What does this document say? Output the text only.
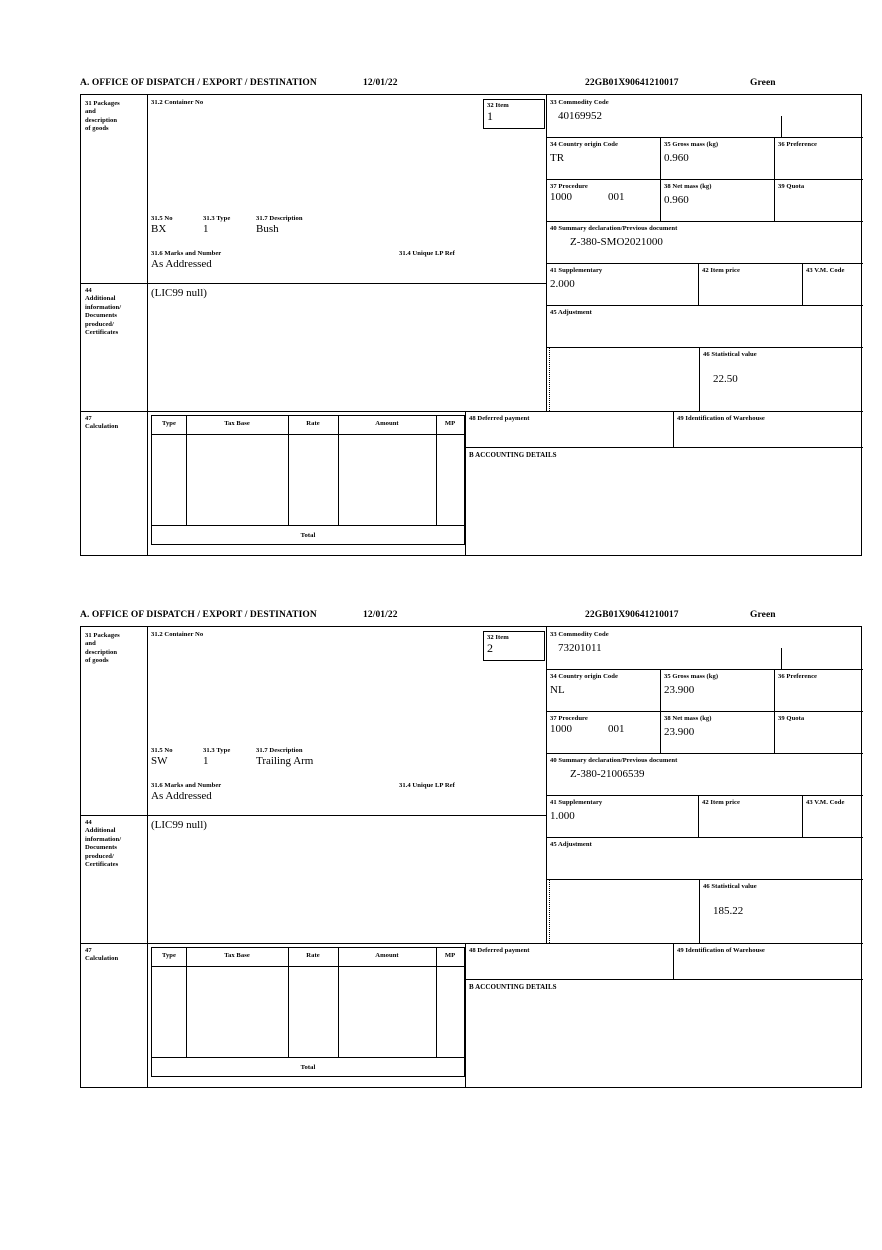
A. OFFICE OF DISPATCH / EXPORT / DESTINATION	12/01/22	22GB01X90641210017	Green
31 Packages
and
description
of goods
31.2 Container No	32 Item
1
31.5 No
BX
31.3 Type
1
31.7 Description
Bush
31.6 Marks and Number
As Addressed
31.4 Unique LP Ref
33 Commodity Code
40169952
34 Country origin Code
TR
35 Gross mass (kg)
0.960
36 Preference
37 Procedure
1000	001
38 Net mass (kg)
0.960
39 Quota
40 Summary declaration/Previous document
Z-380-SMO2021000
41 Supplementary
2.000
42 Item price	43 V.M. Code
45 Adjustment
46 Statistical value
22.50
44
Additional
information/
Documents
produced/
Certificates
(LIC99 null)
47
Calculation	Type	Tax Base	Rate	Amount	MP
Total
48 Deferred payment	49 Identification of Warehouse
B ACCOUNTING DETAILS
A. OFFICE OF DISPATCH / EXPORT / DESTINATION	12/01/22	22GB01X90641210017	Green
31 Packages
and
description
of goods
31.2 Container No	32 Item
2
31.5 No
SW
31.3 Type
1
31.7 Description
Trailing Arm
31.6 Marks and Number
As Addressed
31.4 Unique LP Ref
33 Commodity Code
73201011
34 Country origin Code
NL
35 Gross mass (kg)
23.900
36 Preference
37 Procedure
1000	001
38 Net mass (kg)
23.900
39 Quota
40 Summary declaration/Previous document
Z-380-21006539
41 Supplementary
1.000
42 Item price	43 V.M. Code
45 Adjustment
46 Statistical value
185.22
44
Additional
information/
Documents
produced/
Certificates
(LIC99 null)
47
Calculation	Type	Tax Base	Rate	Amount	MP
Total
48 Deferred payment	49 Identification of Warehouse
B ACCOUNTING DETAILS
